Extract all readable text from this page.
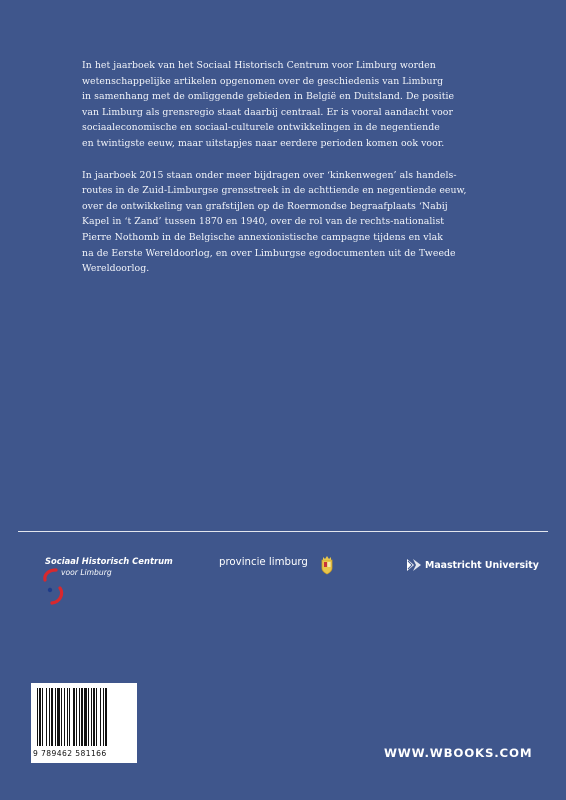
In het jaarboek van het Sociaal Historisch Centrum voor Limburg worden
wetenschappelijke artikelen opgenomen over de geschiedenis van Limburg
in samenhang met de omliggende gebieden in België en Duitsland. De positie
van Limburg als grensregio staat daarbij centraal. Er is vooral aandacht voor
sociaaleconomische en sociaal-culturele ontwikkelingen in de negentiende
en twintigste eeuw, maar uitstapjes naar eerdere perioden komen ook voor.

In jaarboek 2015 staan onder meer bijdragen over ‘kinkenwegen’ als handels-
routes in de Zuid-Limburgse grensstreek in de achttiende en negentiende eeuw,
over de ontwikkeling van grafstijlen op de Roermondse begraafplaats ‘Nabij
Kapel in ‘t Zand’ tussen 1870 en 1940, over de rol van de rechts-nationalist
Pierre Nothomb in de Belgische annexionistische campagne tijdens en vlak
na de Eerste Wereldoorlog, en over Limburgse egodocumenten uit de Tweede
Wereldoorlog.

Sociaal Historisch Centrum
voor Limburg
provincie limburg	Maastricht University
9 789462 581166	WWW.WBOOKS.COM
